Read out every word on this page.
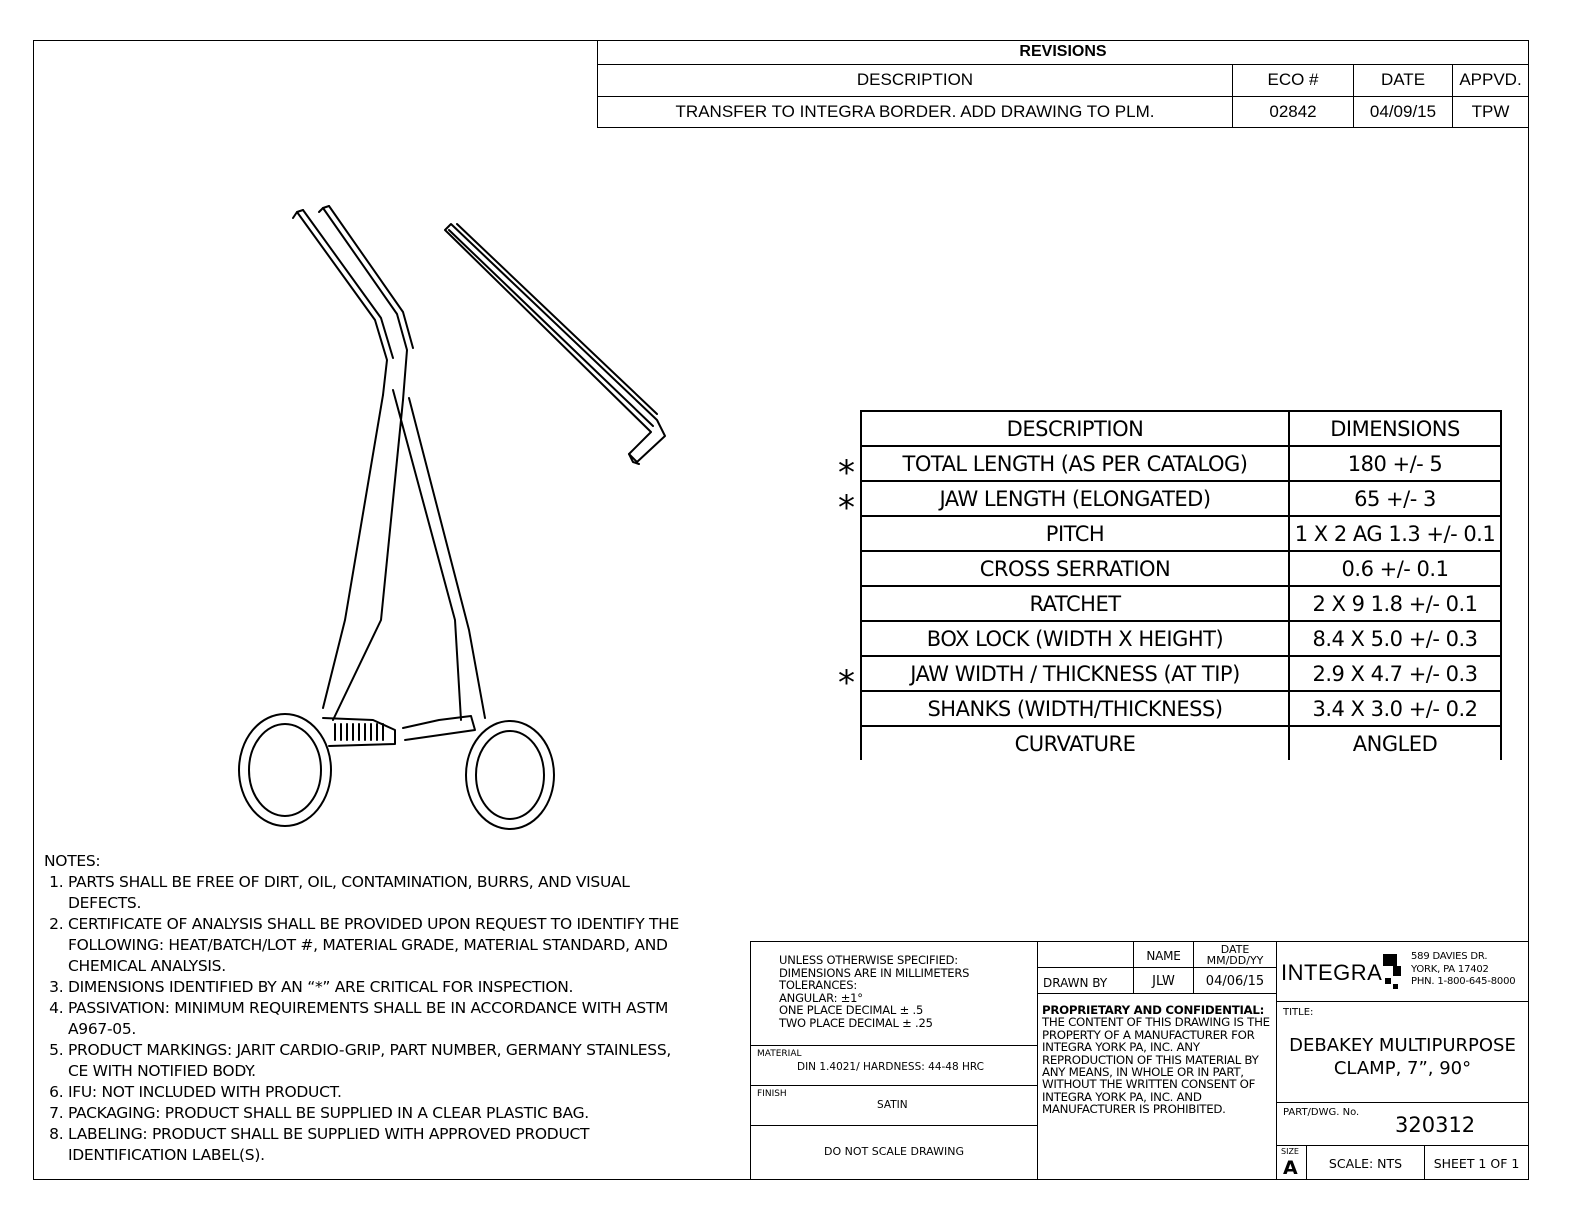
REVISIONS			
DESCRIPTION	ECO #	DATE	APPVD.
TRANSFER TO INTEGRA BORDER. ADD DRAWING TO PLM.	02842	04/09/15	TPW
*
*
*
DESCRIPTION	DIMENSIONS
TOTAL LENGTH (AS PER CATALOG)	180 +/- 5
JAW LENGTH (ELONGATED)	65 +/- 3
PITCH	1 X 2 AG 1.3 +/- 0.1
CROSS SERRATION	0.6 +/- 0.1
RATCHET	2 X 9 1.8 +/- 0.1
BOX LOCK (WIDTH X HEIGHT)	8.4 X 5.0 +/- 0.3
JAW WIDTH / THICKNESS (AT TIP)	2.9 X 4.7 +/- 0.3
SHANKS (WIDTH/THICKNESS)	3.4 X 3.0 +/- 0.2
CURVATURE	ANGLED
NOTES:
1. PARTS SHALL BE FREE OF DIRT, OIL, CONTAMINATION, BURRS, AND VISUAL DEFECTS.
2. CERTIFICATE OF ANALYSIS SHALL BE PROVIDED UPON REQUEST TO IDENTIFY THE FOLLOWING: HEAT/BATCH/LOT #, MATERIAL GRADE, MATERIAL STANDARD, AND CHEMICAL ANALYSIS.
3. DIMENSIONS IDENTIFIED BY AN “*” ARE CRITICAL FOR INSPECTION.
4. PASSIVATION: MINIMUM REQUIREMENTS SHALL BE IN ACCORDANCE WITH ASTM A967-05.
5. PRODUCT MARKINGS: JARIT CARDIO-GRIP, PART NUMBER, GERMANY STAINLESS, CE WITH NOTIFIED BODY.
6. IFU: NOT INCLUDED WITH PRODUCT.
7. PACKAGING: PRODUCT SHALL BE SUPPLIED IN A CLEAR PLASTIC BAG.
8. LABELING: PRODUCT SHALL BE SUPPLIED WITH APPROVED PRODUCT IDENTIFICATION LABEL(S).
UNLESS OTHERWISE SPECIFIED:
DIMENSIONS ARE IN MILLIMETERS
TOLERANCES:
ANGULAR: ±1°
ONE PLACE DECIMAL ± .5
TWO PLACE DECIMAL ± .25
MATERIAL
DIN 1.4021/ HARDNESS: 44-48 HRC
FINISH
SATIN
DO NOT SCALE DRAWING
NAME	DATE
MM/DD/YY
DRAWN BY	JLW	04/06/15
PROPRIETARY AND CONFIDENTIAL:
THE CONTENT OF THIS DRAWING IS THE PROPERTY OF A MANUFACTURER FOR INTEGRA YORK PA, INC. ANY REPRODUCTION OF THIS MATERIAL BY ANY MEANS, IN WHOLE OR IN PART, WITHOUT THE WRITTEN CONSENT OF INTEGRA YORK PA, INC. AND MANUFACTURER IS PROHIBITED.
INTEGRA
589 DAVIES DR.
YORK, PA 17402
PHN. 1-800-645-8000
TITLE:
DEBAKEY MULTIPURPOSE
CLAMP, 7”, 90°
PART/DWG. No.
320312
SIZE
A	SCALE: NTS	SHEET 1 OF 1
